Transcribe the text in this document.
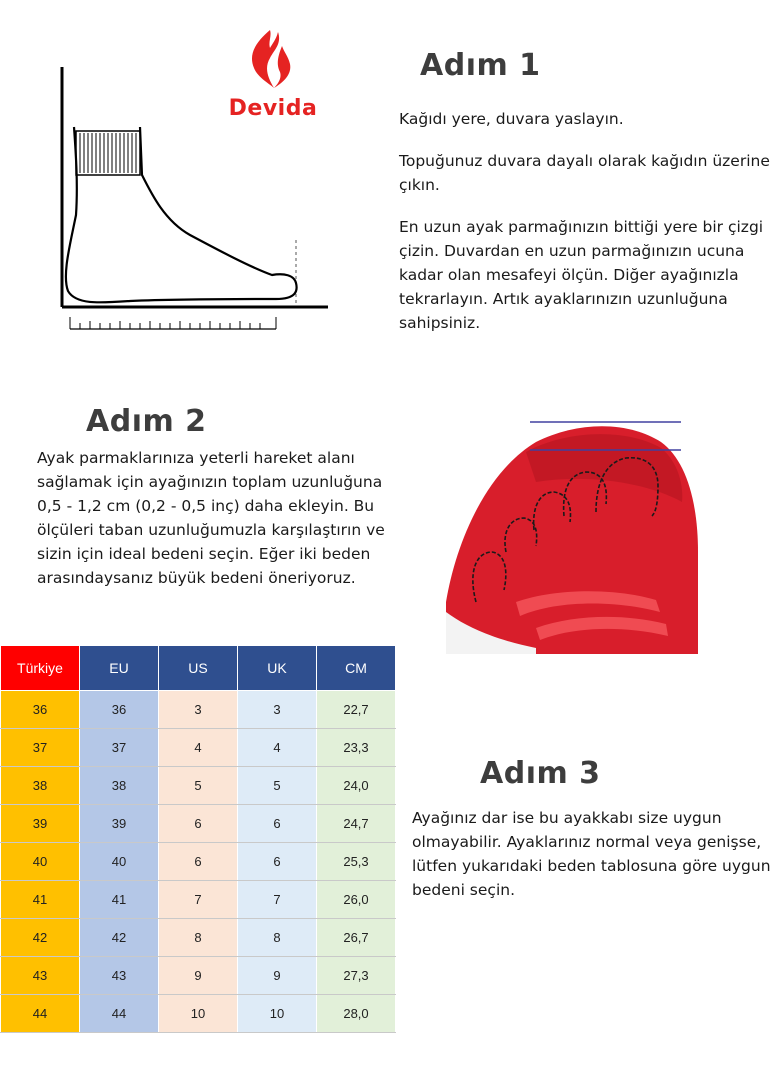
Devida
Adım 1

Kağıdı yere, duvara yaslayın.

Topuğunuz duvara dayalı olarak kağıdın üzerine çıkın.

En uzun ayak parmağınızın bittiği yere bir çizgi çizin. Duvardan en uzun parmağınızın ucuna kadar olan mesafeyi ölçün. Diğer ayağınızla tekrarlayın. Artık ayaklarınızın uzunluğuna sahipsiniz.

Adım 2

Ayak parmaklarınıza yeterli hareket alanı sağlamak için ayağınızın toplam uzunluğuna 0,5 - 1,2 cm (0,2 - 0,5 inç) daha ekleyin. Bu ölçüleri taban uzunluğumuzla karşılaştırın ve sizin için ideal bedeni seçin. Eğer iki beden arasındaysanız büyük bedeni öneriyoruz.

Türkiye	EU	US	UK	CM
36	36	3	3	22,7
37	37	4	4	23,3
38	38	5	5	24,0
39	39	6	6	24,7
40	40	6	6	25,3
41	41	7	7	26,0
42	42	8	8	26,7
43	43	9	9	27,3
44	44	10	10	28,0
Adım 3

Ayağınız dar ise bu ayakkabı size uygun olmayabilir. Ayaklarınız normal veya genişse, lütfen yukarıdaki beden tablosuna göre uygun bedeni seçin.
